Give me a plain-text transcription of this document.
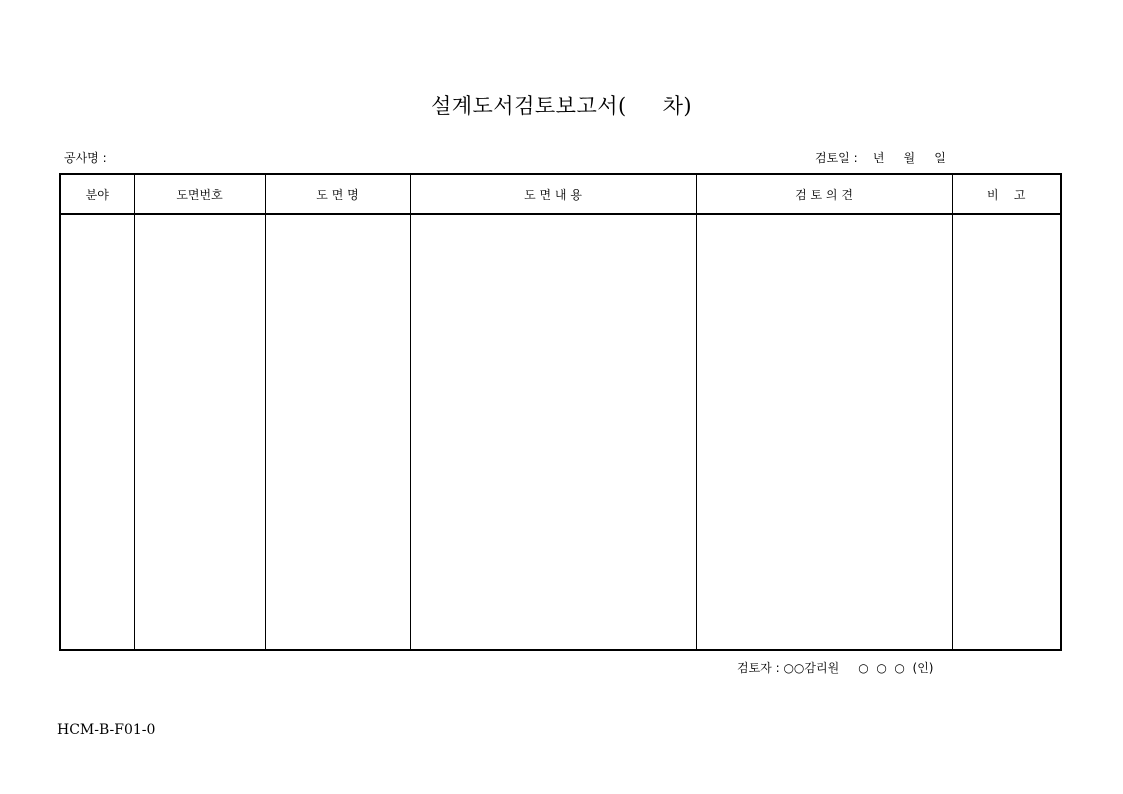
설계도서검토보고서(     차)
공사명 :	검토일 :    년     월     일
분야	도면번호	도 면 명	도 면 내 용	검 토 의 견	비    고

검토자 : ○○감리원     ○  ○  ○  (인)
HCM-B-F01-0
